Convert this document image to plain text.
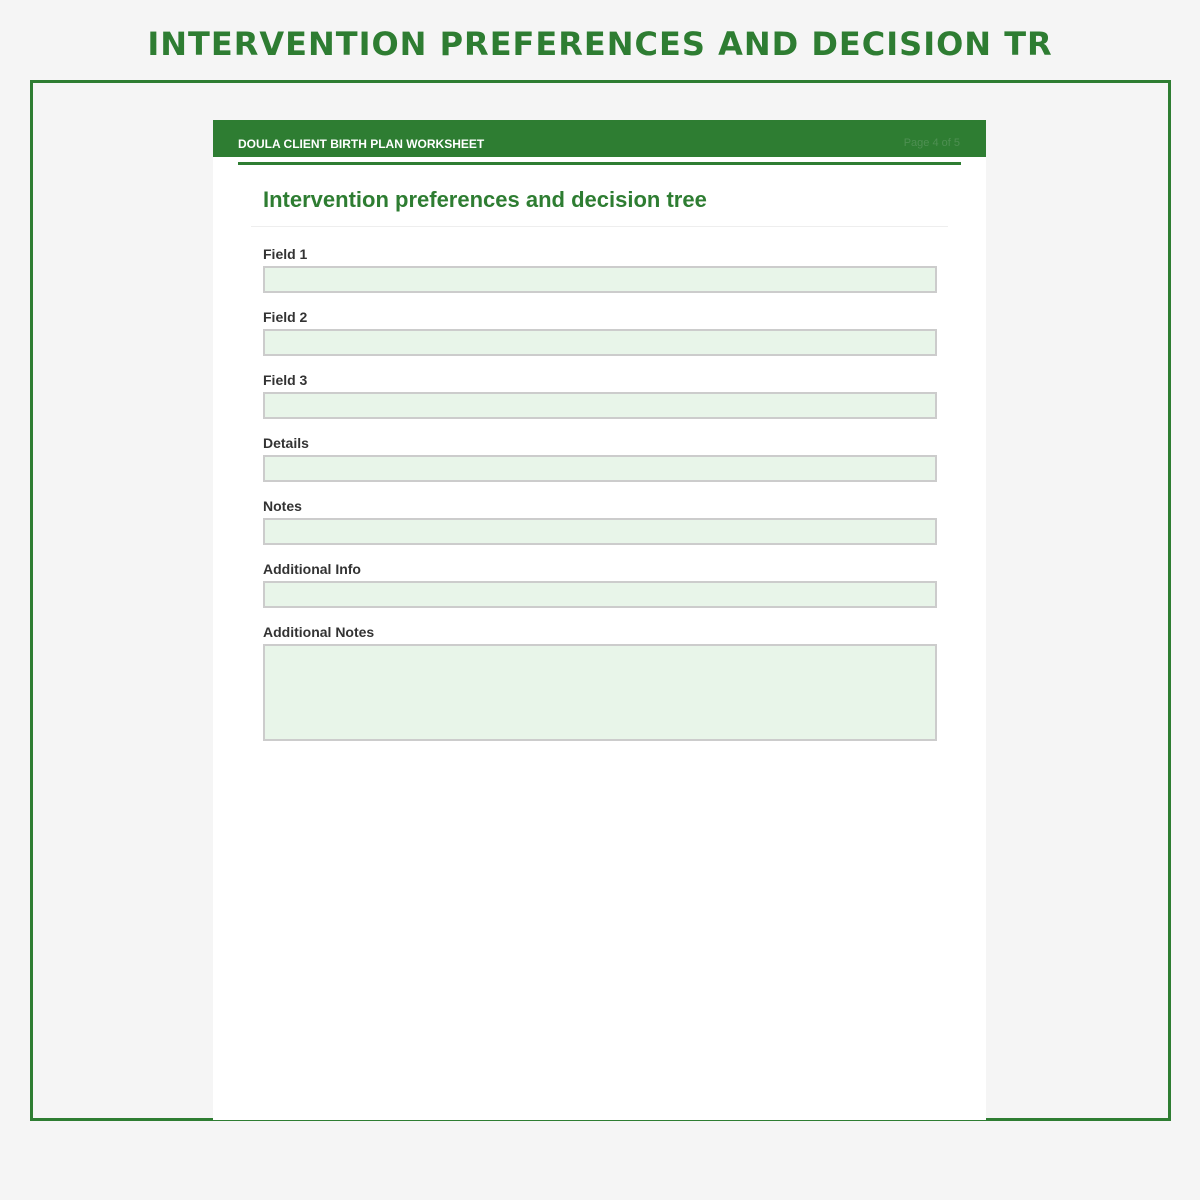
INTERVENTION PREFERENCES AND DECISION TR
DOULA CLIENT BIRTH PLAN WORKSHEET	Page 4 of 5
Intervention preferences and decision tree
Field 1
Field 2
Field 3
Details
Notes
Additional Info
Additional Notes
